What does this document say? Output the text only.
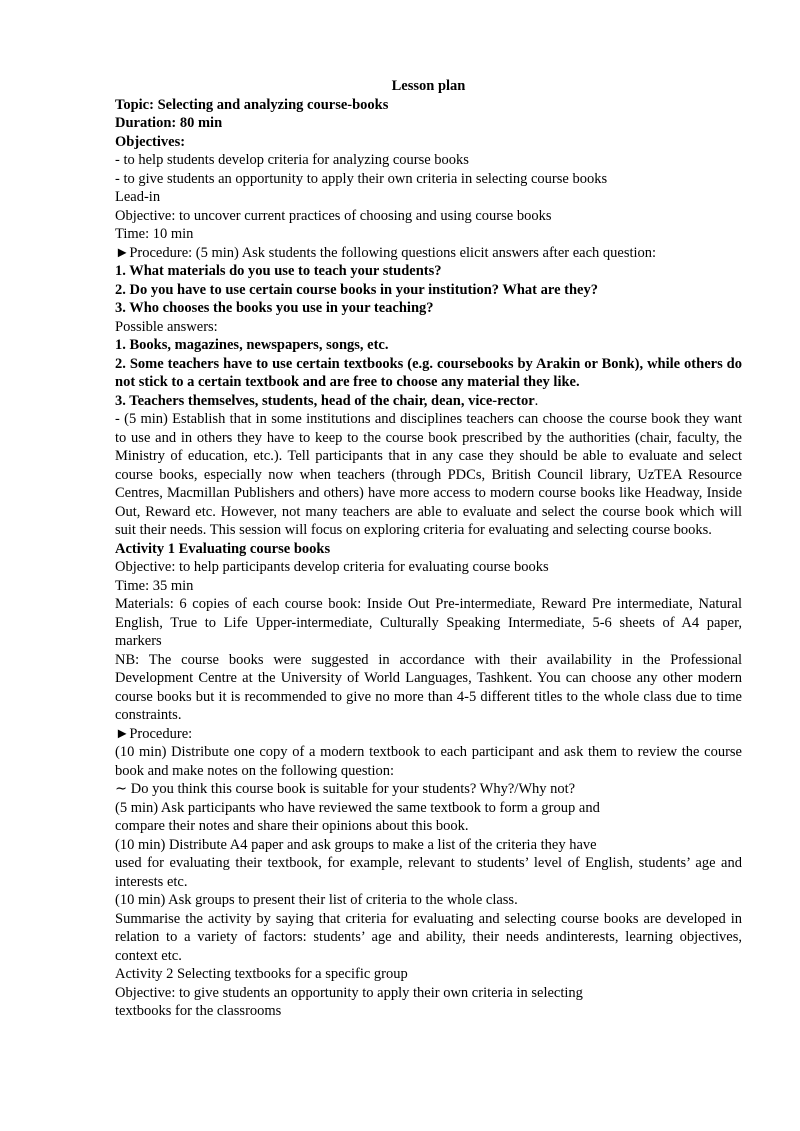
Lesson plan

Topic: Selecting and analyzing course-books

Duration: 80 min

Objectives:

- to help students develop criteria for analyzing course books

- to give students an opportunity to apply their own criteria in selecting course books

Lead-in

Objective: to uncover current practices of choosing and using course books

Time: 10 min

►Procedure: (5 min) Ask students the following questions elicit answers after each question:

1. What materials do you use to teach your students?

2. Do you have to use certain course books in your institution? What are they?

3. Who chooses the books you use in your teaching?

Possible answers:

1. Books, magazines, newspapers, songs, etc.

2. Some teachers have to use certain textbooks (e.g. coursebooks by Arakin or Bonk), while others do not stick to a certain textbook and are free to choose any material they like.

3. Teachers themselves, students, head of the chair, dean, vice-rector.

- (5 min) Establish that in some institutions and disciplines teachers can choose the course book they want to use and in others they have to keep to the course book prescribed by the authorities (chair, faculty, the Ministry of education, etc.). Tell participants that in any case they should be able to evaluate and select course books, especially now when teachers (through PDCs, British Council library, UzTEA Resource Centres, Macmillan Publishers and others) have more access to modern course books like Headway, Inside Out, Reward etc. However, not many teachers are able to evaluate and select the course book which will suit their needs. This session will focus on exploring criteria for evaluating and selecting course books.

Activity 1 Evaluating course books

Objective: to help participants develop criteria for evaluating course books

Time: 35 min

Materials: 6 copies of each course book: Inside Out Pre-intermediate, Reward Pre intermediate, Natural English, True to Life Upper-intermediate, Culturally Speaking Intermediate, 5-6 sheets of A4 paper, markers

NB: The course books were suggested in accordance with their availability in the Professional Development Centre at the University of World Languages, Tashkent. You can choose any other modern course books but it is recommended to give no more than 4-5 different titles to the whole class due to time constraints.

►Procedure:

(10 min) Distribute one copy of a modern textbook to each participant and ask them to review the course book and make notes on the following question:

∼ Do you think this course book is suitable for your students? Why?/Why not?

(5 min) Ask participants who have reviewed the same textbook to form a group and

compare their notes and share their opinions about this book.

(10 min) Distribute A4 paper and ask groups to make a list of the criteria they have

used for evaluating their textbook, for example, relevant to students’ level of English, students’ age and interests etc.

(10 min) Ask groups to present their list of criteria to the whole class.

Summarise the activity by saying that criteria for evaluating and selecting course books are developed in relation to a variety of factors: students’ age and ability, their needs andinterests, learning objectives, context etc.

Activity 2 Selecting textbooks for a specific group

Objective: to give students an opportunity to apply their own criteria in selecting

textbooks for the classrooms
